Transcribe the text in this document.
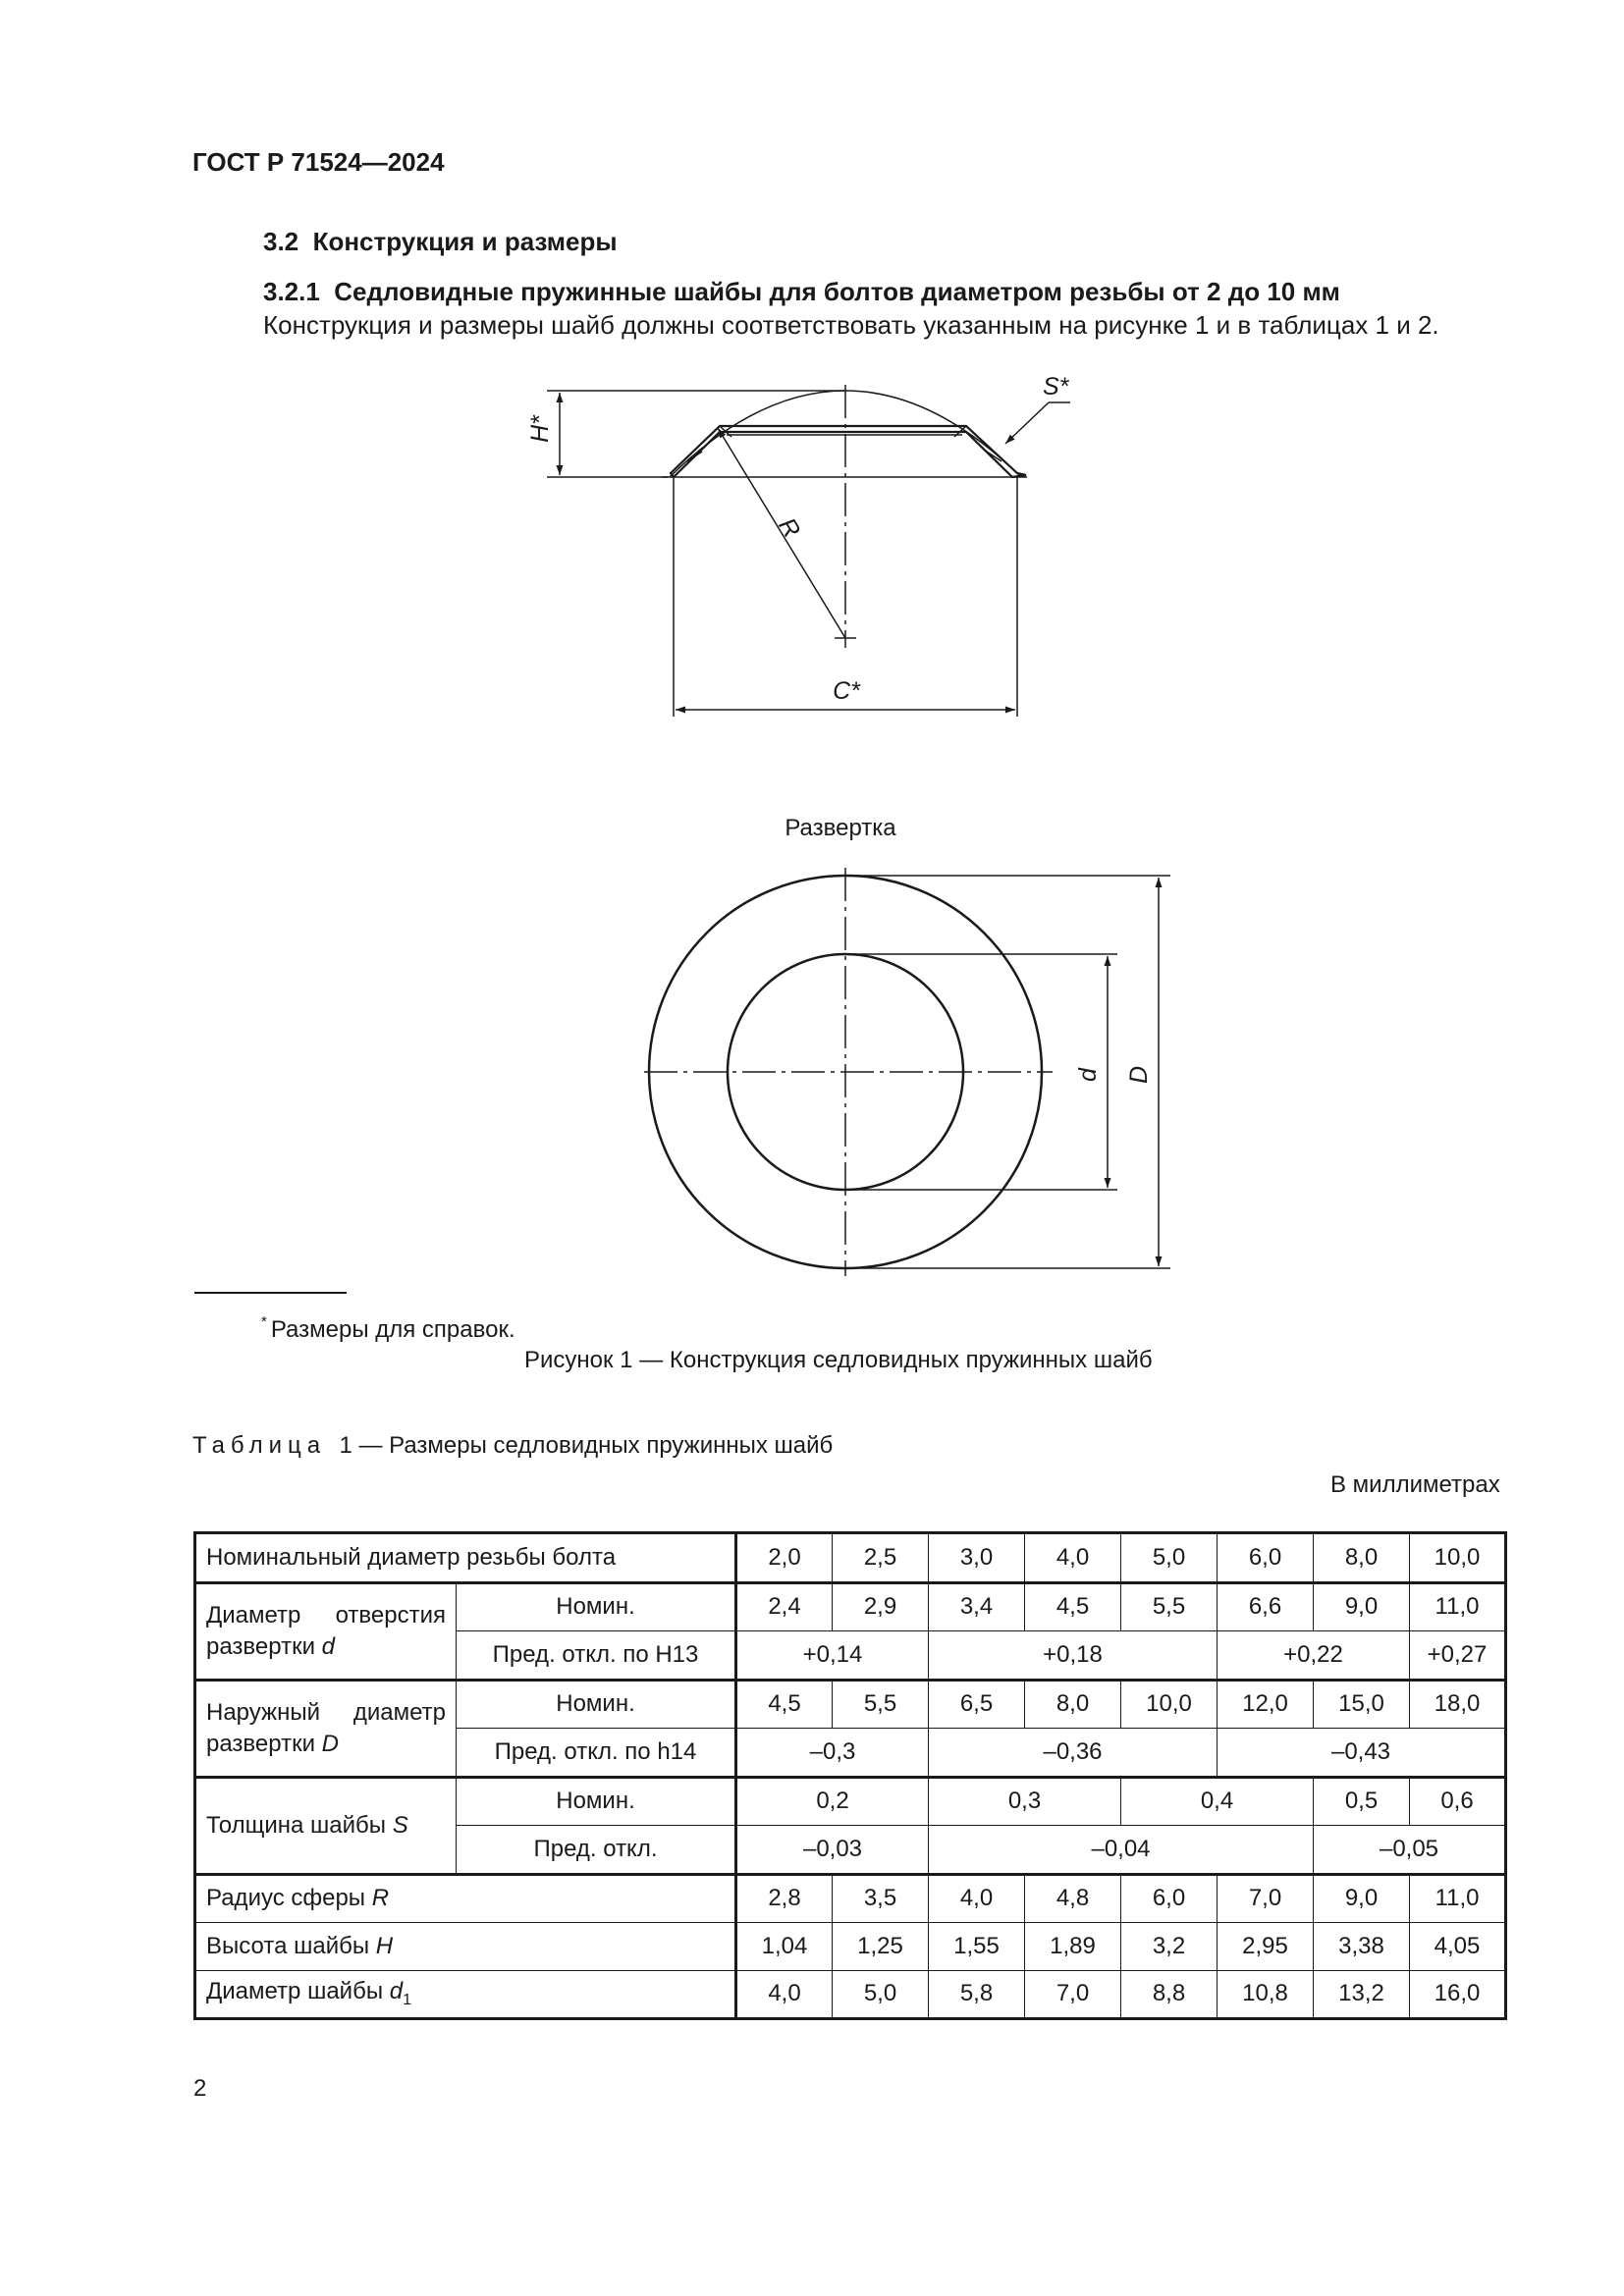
ГОСТ Р 71524—2024
3.2  Конструкция и размеры
3.2.1  Седловидные пружинные шайбы для болтов диаметром резьбы от 2 до 10 мм
Конструкция и размеры шайб должны соответствовать указанным на рисунке 1 и в таблицах 1 и 2.
H*
S*
R
C*
d D
Развертка
* Размеры для справок.
Рисунок 1 — Конструкция седловидных пружинных шайб
Таблица 1 — Размеры седловидных пружинных шайб
В миллиметрах
Номинальный диаметр резьбы болта		2,0	2,5	3,0	4,0	5,0	6,0	8,0	10,0
Диаметр отверстия развертки d	Номин.	2,4	2,9	3,4	4,5	5,5	6,6	9,0	11,0
	Пред. откл. по H13	+0,14		+0,18			+0,22		+0,27
Наружный диаметр развертки D	Номин.	4,5	5,5	6,5	8,0	10,0	12,0	15,0	18,0
	Пред. откл. по h14	–0,3		–0,36			–0,43		
Толщина шайбы S	Номин.	0,2		0,3		0,4		0,5	0,6
	Пред. откл.	–0,03		–0,04				–0,05	
Радиус сферы R		2,8	3,5	4,0	4,8	6,0	7,0	9,0	11,0
Высота шайбы H		1,04	1,25	1,55	1,89	3,2	2,95	3,38	4,05
Диаметр шайбы $d_1$		4,0	5,0	5,8	7,0	8,8	10,8	13,2	16,0
2
